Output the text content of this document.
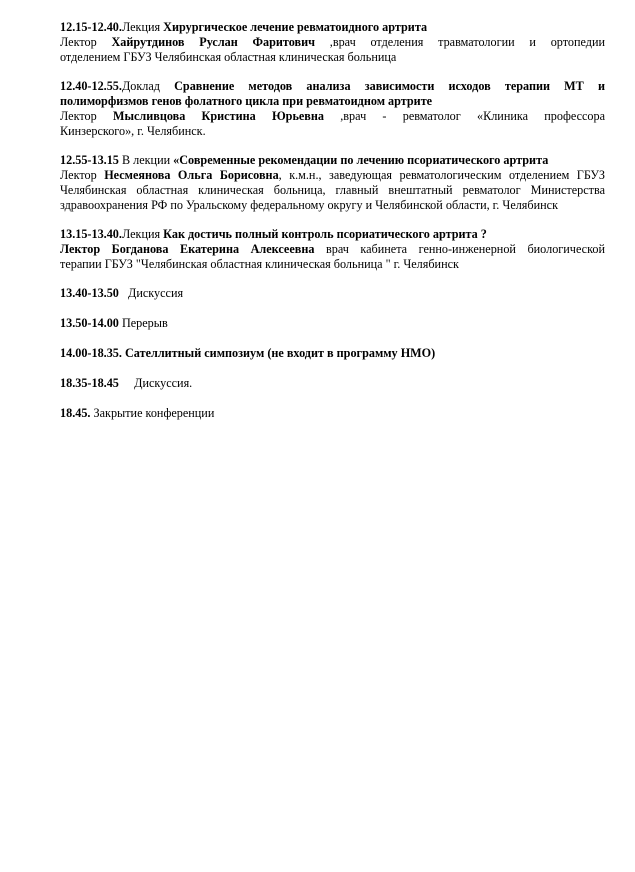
12.15-12.40.Лекция Хирургическое лечение ревматоидного артрита
Лектор Хайрутдинов Руслан Фаритович ,врач отделения травматологии и ортопедии
отделением ГБУЗ Челябинская областная клиническая больница
12.40-12.55.Доклад Сравнение методов анализа зависимости исходов терапии МТ и
полиморфизмов генов фолатного цикла при ревматоидном артрите
Лектор Мысливцова Кристина Юрьевна ,врач - ревматолог «Клиника профессора
Кинзерского», г. Челябинск.
12.55-13.15 В лекции «Современные рекомендации по лечению псориатического артрита
Лектор Несмеянова Ольга Борисовна, к.м.н., заведующая ревматологическим отделением ГБУЗ
Челябинская областная клиническая больница, главный внештатный ревматолог Министерства
здравоохранения РФ по Уральскому федеральному округу и Челябинской области, г. Челябинск
13.15-13.40.Лекция Как достичь полный контроль псориатического артрита ?
Лектор Богданова Екатерина Алексеевна врач кабинета генно-инженерной биологической
терапии ГБУЗ "Челябинская областная клиническая больница " г. Челябинск
13.40-13.50   Дискуссия
13.50-14.00 Перерыв
14.00-18.35. Сателлитный симпозиум (не входит в программу НМО)
18.35-18.45     Дискуссия.
18.45. Закрытие конференции
